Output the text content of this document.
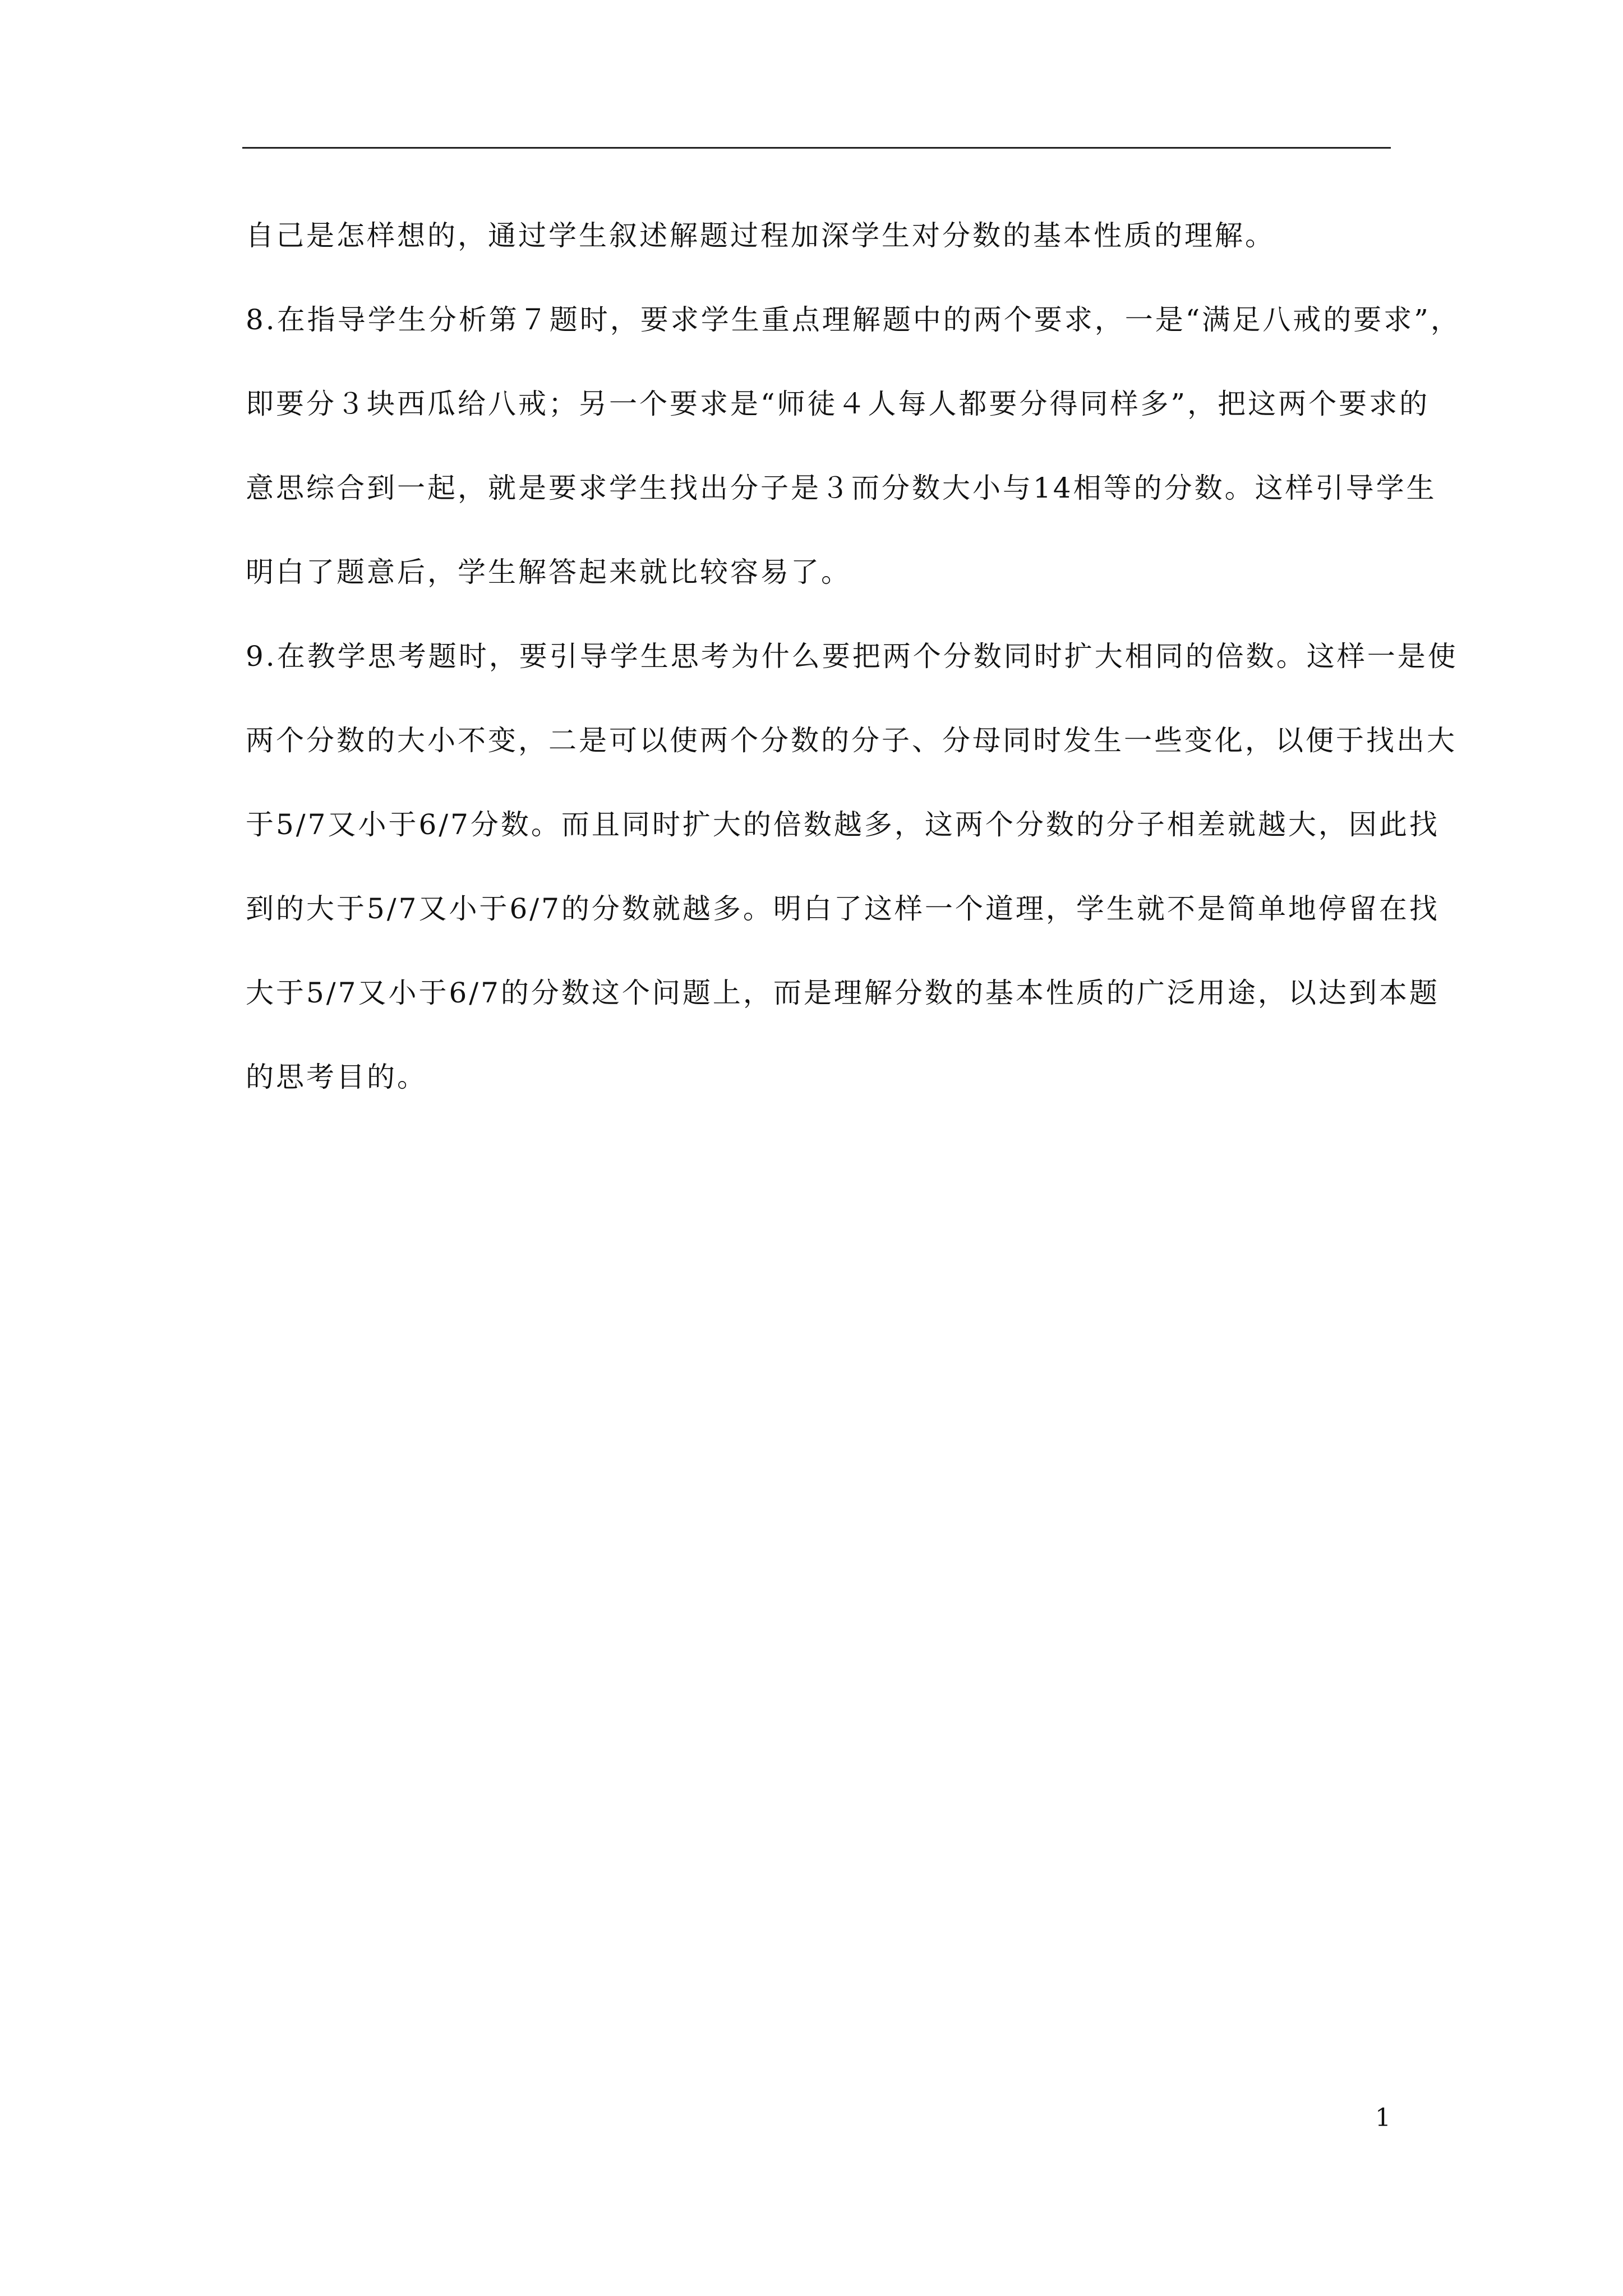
自己是怎样想的，通过学生叙述解题过程加深学生对分数的基本性质的理解。
8.在指导学生分析第７题时，要求学生重点理解题中的两个要求，一是“满足八戒的要求”，
即要分３块西瓜给八戒；另一个要求是“师徒４人每人都要分得同样多”，把这两个要求的
意思综合到一起，就是要求学生找出分子是３而分数大小与14相等的分数。这样引导学生
明白了题意后，学生解答起来就比较容易了。
9.在教学思考题时，要引导学生思考为什么要把两个分数同时扩大相同的倍数。这样一是使
两个分数的大小不变，二是可以使两个分数的分子、分母同时发生一些变化，以便于找出大
于5/7又小于6/7分数。而且同时扩大的倍数越多，这两个分数的分子相差就越大，因此找
到的大于5/7又小于6/7的分数就越多。明白了这样一个道理，学生就不是简单地停留在找
大于5/7又小于6/7的分数这个问题上，而是理解分数的基本性质的广泛用途，以达到本题
的思考目的。
1
